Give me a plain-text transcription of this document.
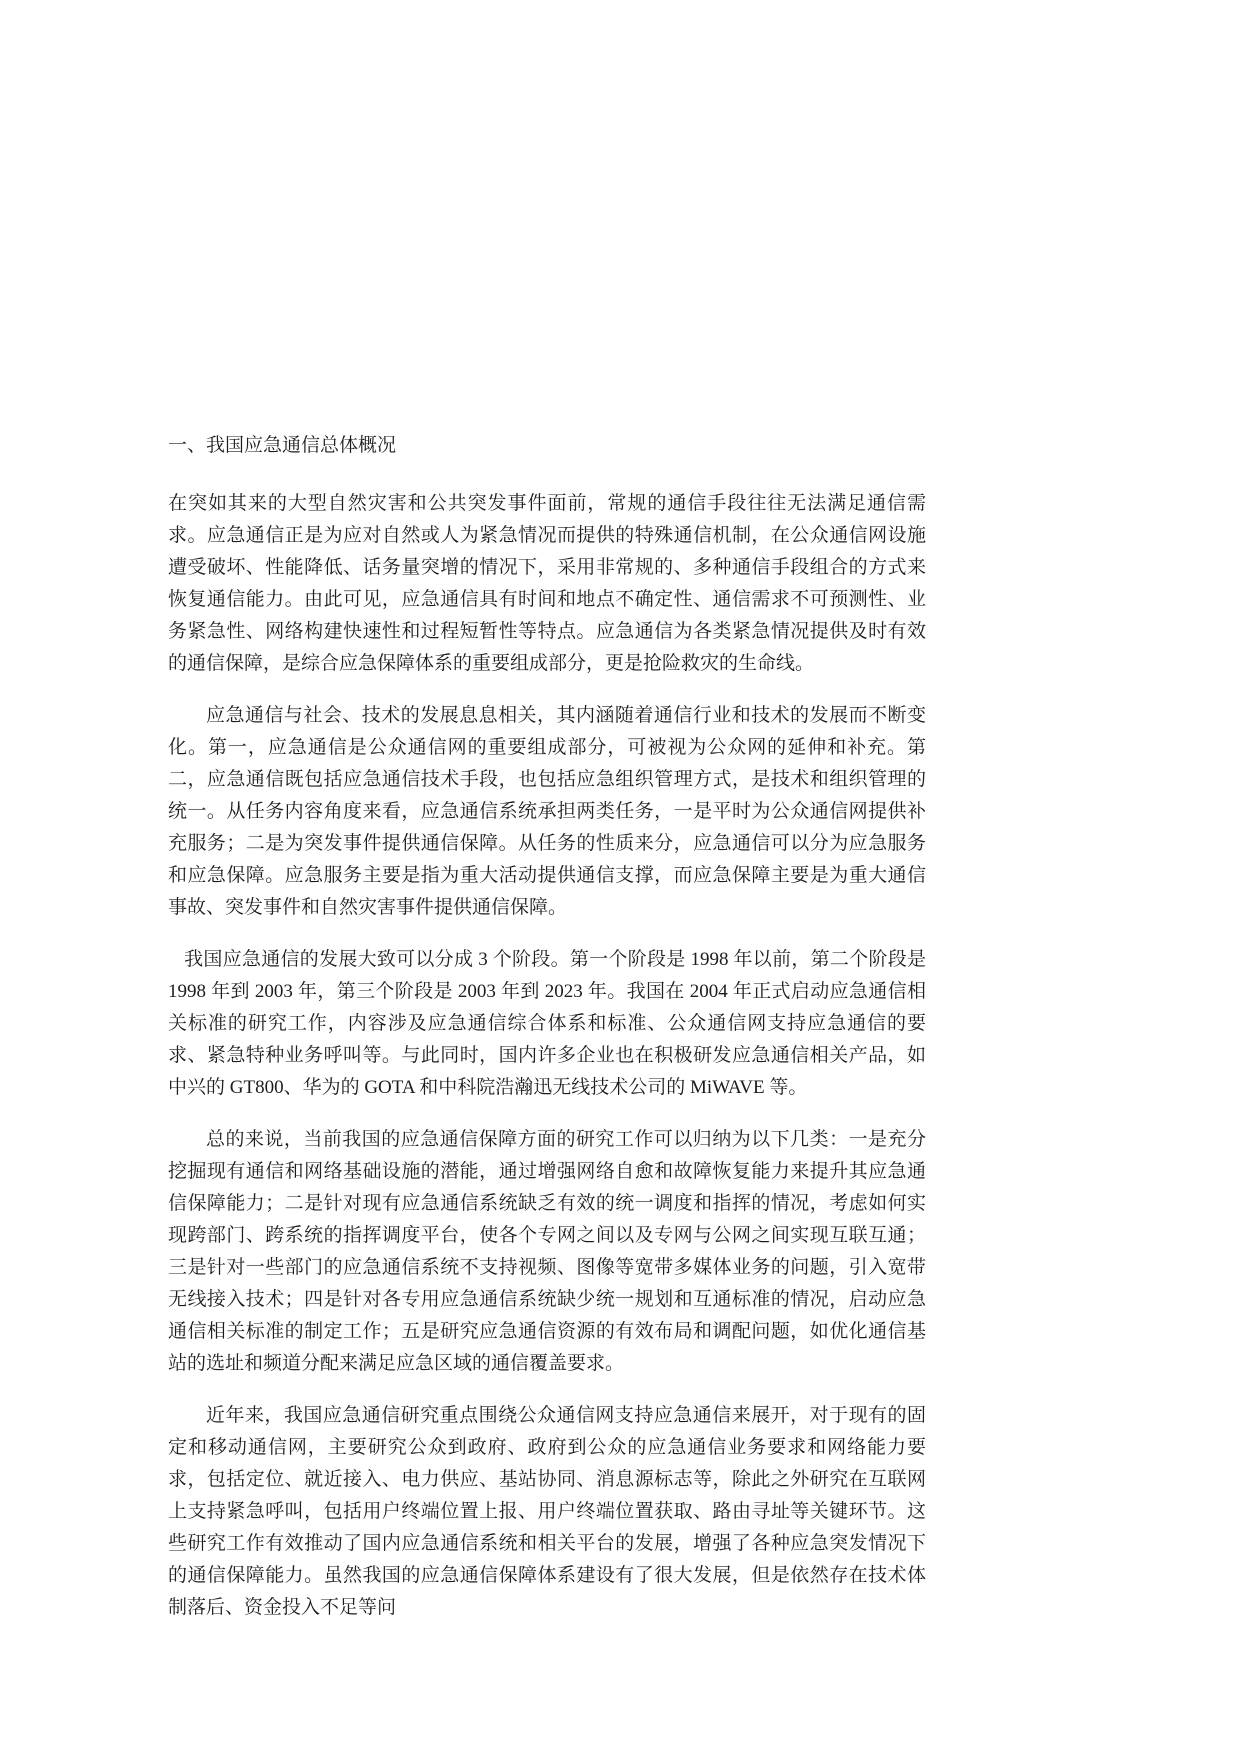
一、我国应急通信总体概况

在突如其来的大型自然灾害和公共突发事件面前，常规的通信手段往往无法满足通信需求。应急通信正是为应对自然或人为紧急情况而提供的特殊通信机制，在公众通信网设施遭受破坏、性能降低、话务量突增的情况下，采用非常规的、多种通信手段组合的方式来恢复通信能力。由此可见，应急通信具有时间和地点不确定性、通信需求不可预测性、业务紧急性、网络构建快速性和过程短暂性等特点。应急通信为各类紧急情况提供及时有效的通信保障，是综合应急保障体系的重要组成部分，更是抢险救灾的生命线。

应急通信与社会、技术的发展息息相关，其内涵随着通信行业和技术的发展而不断变化。第一，应急通信是公众通信网的重要组成部分，可被视为公众网的延伸和补充。第二，应急通信既包括应急通信技术手段，也包括应急组织管理方式，是技术和组织管理的统一。从任务内容角度来看，应急通信系统承担两类任务，一是平时为公众通信网提供补充服务；二是为突发事件提供通信保障。从任务的性质来分，应急通信可以分为应急服务和应急保障。应急服务主要是指为重大活动提供通信支撑，而应急保障主要是为重大通信事故、突发事件和自然灾害事件提供通信保障。

我国应急通信的发展大致可以分成 3 个阶段。第一个阶段是 1998 年以前，第二个阶段是 1998 年到 2003 年，第三个阶段是 2003 年到 2023 年。我国在 2004 年正式启动应急通信相关标准的研究工作，内容涉及应急通信综合体系和标准、公众通信网支持应急通信的要求、紧急特种业务呼叫等。与此同时，国内许多企业也在积极研发应急通信相关产品，如中兴的 GT800、华为的 GOTA 和中科院浩瀚迅无线技术公司的 MiWAVE 等。

总的来说，当前我国的应急通信保障方面的研究工作可以归纳为以下几类：一是充分挖掘现有通信和网络基础设施的潜能，通过增强网络自愈和故障恢复能力来提升其应急通信保障能力；二是针对现有应急通信系统缺乏有效的统一调度和指挥的情况，考虑如何实现跨部门、跨系统的指挥调度平台，使各个专网之间以及专网与公网之间实现互联互通；三是针对一些部门的应急通信系统不支持视频、图像等宽带多媒体业务的问题，引入宽带无线接入技术；四是针对各专用应急通信系统缺少统一规划和互通标准的情况，启动应急通信相关标准的制定工作；五是研究应急通信资源的有效布局和调配问题，如优化通信基站的选址和频道分配来满足应急区域的通信覆盖要求。

近年来，我国应急通信研究重点围绕公众通信网支持应急通信来展开，对于现有的固定和移动通信网，主要研究公众到政府、政府到公众的应急通信业务要求和网络能力要求，包括定位、就近接入、电力供应、基站协同、消息源标志等，除此之外研究在互联网上支持紧急呼叫，包括用户终端位置上报、用户终端位置获取、路由寻址等关键环节。这些研究工作有效推动了国内应急通信系统和相关平台的发展，增强了各种应急突发情况下的通信保障能力。虽然我国的应急通信保障体系建设有了很大发展，但是依然存在技术体制落后、资金投入不足等问
